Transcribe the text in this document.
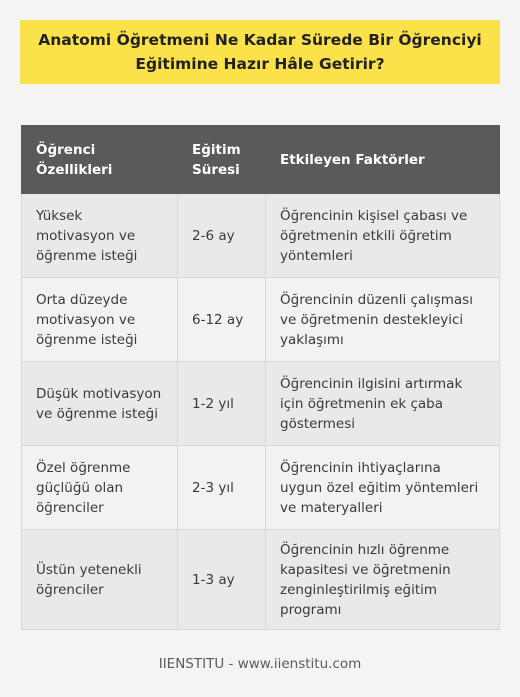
Anatomi Öğretmeni Ne Kadar Sürede Bir Öğrenciyi Eğitimine Hazır Hâle Getirir?
Öğrenci Özellikleri	Eğitim Süresi	Etkileyen Faktörler
Yüksek motivasyon ve öğrenme isteği	2-6 ay	Öğrencinin kişisel çabası ve öğretmenin etkili öğretim yöntemleri
Orta düzeyde motivasyon ve öğrenme isteği	6-12 ay	Öğrencinin düzenli çalışması ve öğretmenin destekleyici yaklaşımı
Düşük motivasyon ve öğrenme isteği	1-2 yıl	Öğrencinin ilgisini artırmak için öğretmenin ek çaba göstermesi
Özel öğrenme güçlüğü olan öğrenciler	2-3 yıl	Öğrencinin ihtiyaçlarına uygun özel eğitim yöntemleri ve materyalleri
Üstün yetenekli öğrenciler	1-3 ay	Öğrencinin hızlı öğrenme kapasitesi ve öğretmenin zenginleştirilmiş eğitim programı
IIENSTITU - www.iienstitu.com
